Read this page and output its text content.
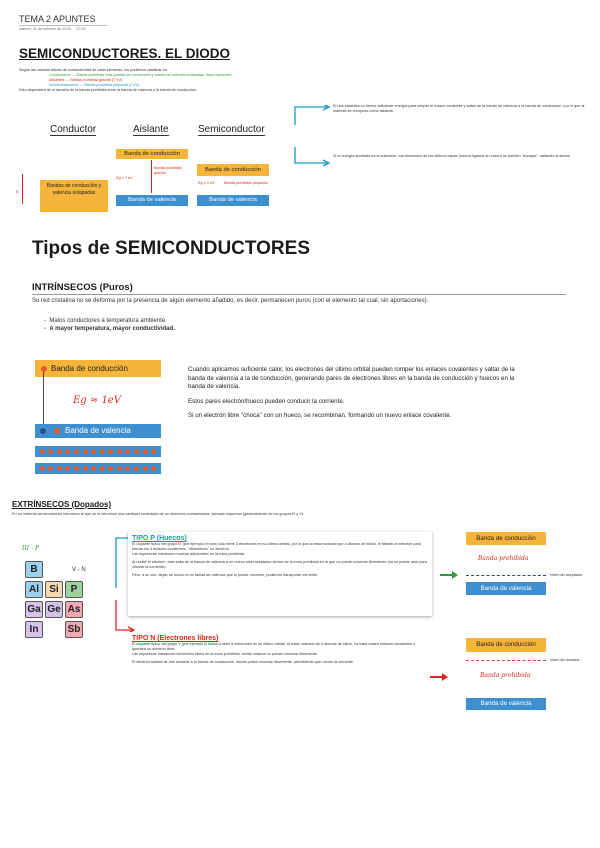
TEMA 2 APUNTES
martes, 01 de octubre de 2024 17:09
SEMICONDUCTORES. EL DIODO
Según las características de conductividad de cada elemento, los podemos clasificar en:
Conductores → Banda prohibida nula (banda de conducción y banda de valencia solapadas, fluye corriente).
Aislantes → Banda prohibida grande (7 eV).
Semiconductores → Banda prohibida pequeña (1 eV).
Esto dependerá de el tamaño de la banda prohibida entre la banda de valencia y la banda de conducción.
Conductor	Aislante	Semiconductor
E
Bandas de conducción y valencia solapadas
Banda de conducción
Banda prohibida grande
Eg ≈ 7 eV
Banda de valencia
Banda de conducción
Eg ≈ 1 eV Banda prohibida pequeña
Banda de valencia
En los aislantes no tienen suficiente energía para romper el enlace covalente y saltar de la banda de valencia a la banda de conducción, por lo que al material se comporta como aislante.
Si la energía aportada es la suficiente, los electrones de los últimos capas (menos ligados al núcleo) se pueden "escapar", saltando al átomo.
Tipos de SEMICONDUCTORES
INTRÍNSECOS (Puros)
Su red cristalina no se deforma por la presencia de algún elemento añadido, es decir, permanecen puros (con el elemento tal cual, sin aportaciones).
-  Malos conductores a temperatura ambiente.
-  A mayor temperatura, mayor conductividad.
Banda de conducción
Eg ≈ 1eV
Banda de valencia
Cuando aplicamos suficiente calor, los electrones del último orbital pueden romper los enlaces covalentes y saltar de la banda de valencia a la de conducción, generando pares de electrones libres en la banda de conducción y huecos en la banda de valencia.
Estos pares electrón/hueco pueden conducir la corriente.
Si un electrón libre "choca" con un hueco, se recombinan, formando un nuevo enlace covalente.
EXTRÍNSECOS (Dopados)
En un material semiconductor intrínseco al que se le introduce una cantidad controlada de un elemento contaminante, llamado impureza (generalmente de los grupos III y V).
III - P
V - N
B
Al	Si	P
Ga Ge As
In	Sb
TIPO P (Huecos)
El dopante típico del grupo III (por ejemplo el boro) solo tiene 3 electrones en su último orbital, por lo que al estar rodeado por 4 átomos de silicio, le faltará un electrón para formar los 4 enlaces covalentes, "obteniendo" un electrón.
Las impurezas introducen huecos adicionales en la zona prohibida.
Al recibir el electrón, este salta de la banda de valencia a un nuevo nivel aceptador dentro de la zona prohibida en la que no puede moverse libremente (no se puede usar para circular la corriente).
Pero, a su vez, dejan un hueco en la banda de valencia que sí puede moverse, pudiendo transportar corriente.
Banda de conducción
Banda prohibida
Nivel del aceptador
Banda de valencia
TIPO N (Electrones libres)
El dopante típico del grupo V (por ejemplo el fósforo) tiene 5 electrones en su último orbital. Al estar rodeado de 4 átomos de silicio, formará cuatro enlaces covalentes y quedará un electrón libre.
Las impurezas introducen electrones libres en la zona prohibida, donde todavía no puede moverse libremente.
El electrón saltará de ese donante a la banda de conducción, donde podrá moverse libremente, permitiendo que circule la corriente.
Banda de conducción
Nivel del donador
Banda prohibida
Banda de valencia
